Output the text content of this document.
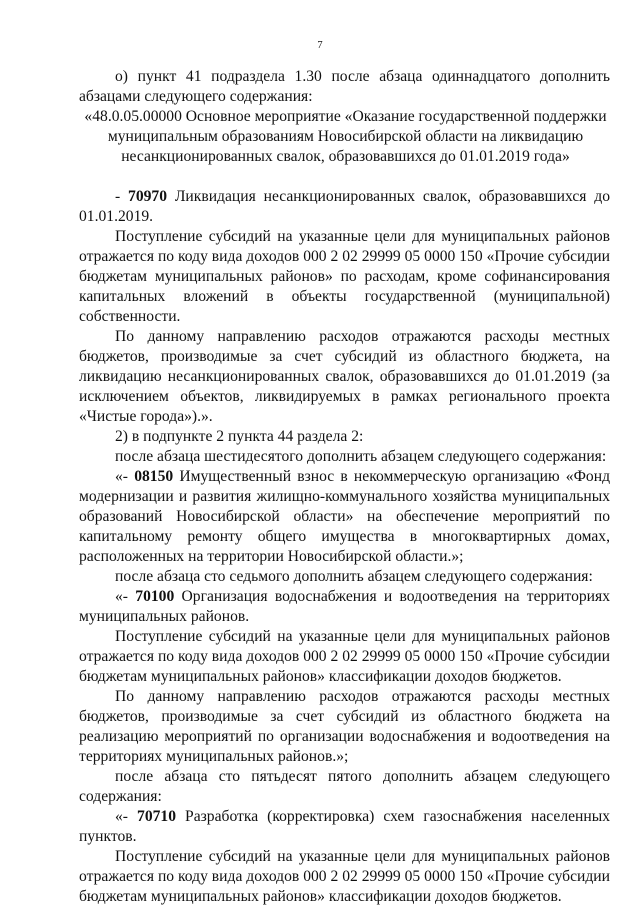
7

о) пункт 41 подраздела 1.30 после абзаца одиннадцатого дополнить абзацами следующего содержания:

«48.0.05.00000 Основное мероприятие «Оказание государственной поддержки муниципальным образованиям Новосибирской области на ликвидацию несанкционированных свалок, образовавшихся до 01.01.2019 года»

- 70970 Ликвидация несанкционированных свалок, образовавшихся до 01.01.2019.

Поступление субсидий на указанные цели для муниципальных районов отражается по коду вида доходов 000 2 02 29999 05 0000 150 «Прочие субсидии бюджетам муниципальных районов» по расходам, кроме софинансирования капитальных вложений в объекты государственной (муниципальной) собственности.

По данному направлению расходов отражаются расходы местных бюджетов, производимые за счет субсидий из областного бюджета, на ликвидацию несанкционированных свалок, образовавшихся до 01.01.2019 (за исключением объектов, ликвидируемых в рамках регионального проекта «Чистые города»).».

2) в подпункте 2 пункта 44 раздела 2:

после абзаца шестидесятого дополнить абзацем следующего содержания:

«- 08150 Имущественный взнос в некоммерческую организацию «Фонд модернизации и развития жилищно-коммунального хозяйства муниципальных образований Новосибирской области» на обеспечение мероприятий по капитальному ремонту общего имущества в многоквартирных домах, расположенных на территории Новосибирской области.»;

после абзаца сто седьмого дополнить абзацем следующего содержания:

«- 70100 Организация водоснабжения и водоотведения на территориях муниципальных районов.

Поступление субсидий на указанные цели для муниципальных районов отражается по коду вида доходов 000 2 02 29999 05 0000 150 «Прочие субсидии бюджетам муниципальных районов» классификации доходов бюджетов.

По данному направлению расходов отражаются расходы местных бюджетов, производимые за счет субсидий из областного бюджета на реализацию мероприятий по организации водоснабжения и водоотведения на территориях муниципальных районов.»;

после абзаца сто пятьдесят пятого дополнить абзацем следующего содержания:

«- 70710 Разработка (корректировка) схем газоснабжения населенных пунктов.

Поступление субсидий на указанные цели для муниципальных районов отражается по коду вида доходов 000 2 02 29999 05 0000 150 «Прочие субсидии бюджетам муниципальных районов» классификации доходов бюджетов.
